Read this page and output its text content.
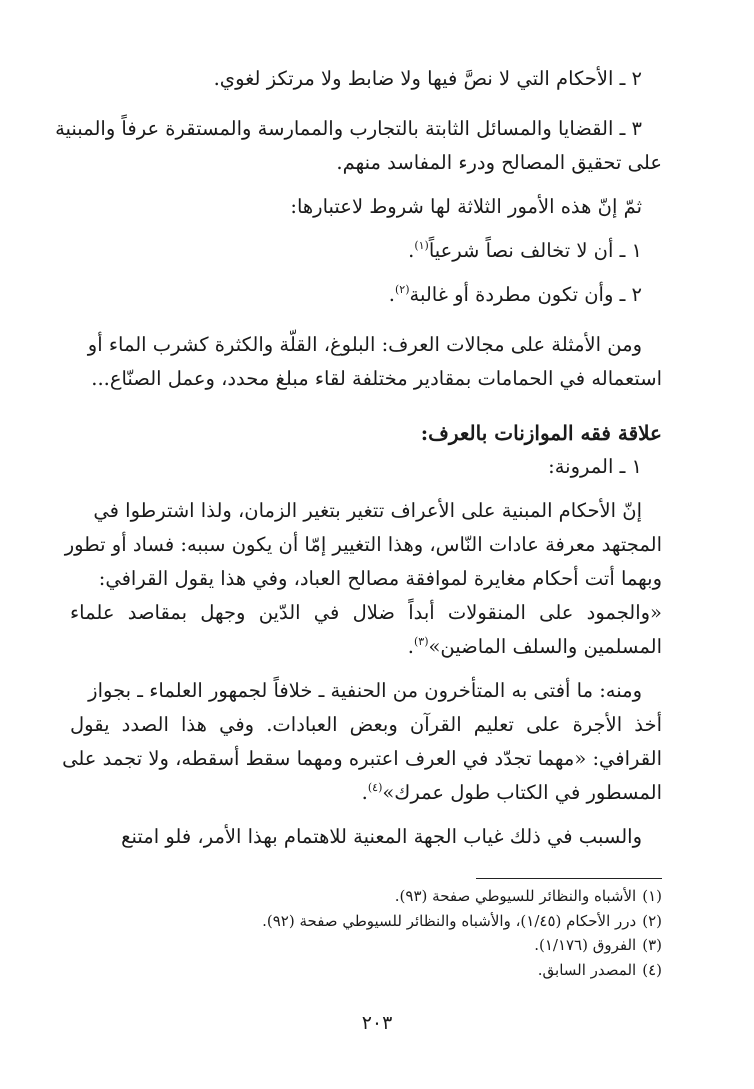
٢ ـ الأحكام التي لا نصَّ فيها ولا ضابط ولا مرتكز لغوي.

٣ ـ القضايا والمسائل الثابتة بالتجارب والممارسة والمستقرة عرفاً والمبنية

على تحقيق المصالح ودرء المفاسد منهم.

ثمّ إنّ هذه الأمور الثلاثة لها شروط لاعتبارها:

١ ـ أن لا تخالف نصاً شرعياً$^{(١)}$.

٢ ـ وأن تكون مطردة أو غالبة$^{(٢)}$.

ومن الأمثلة على مجالات العرف: البلوغ، القلّة والكثرة كشرب الماء أو

استعماله في الحمامات بمقادير مختلفة لقاء مبلغ محدد، وعمل الصنّاع...

علاقة فقه الموازنات بالعرف:

١ ـ المرونة:

إنّ الأحكام المبنية على الأعراف تتغير بتغير الزمان، ولذا اشترطوا في

المجتهد معرفة عادات النّاس، وهذا التغيير إمّا أن يكون سببه: فساد أو تطور

وبهما أتت أحكام مغايرة لموافقة مصالح العباد، وفي هذا يقول القرافي:

«والجمود على المنقولات أبداً ضلال في الدّين وجهل بمقاصد علماء

المسلمين والسلف الماضين»$^{(٣)}$.

ومنه: ما أفتى به المتأخرون من الحنفية ـ خلافاً لجمهور العلماء ـ بجواز

أخذ الأجرة على تعليم القرآن وبعض العبادات. وفي هذا الصدد يقول

القرافي: «مهما تجدّد في العرف اعتبره ومهما سقط أسقطه، ولا تجمد على

المسطور في الكتاب طول عمرك»$^{(٤)}$.

والسبب في ذلك غياب الجهة المعنية للاهتمام بهذا الأمر، فلو امتنع

(١)الأشباه والنظائر للسيوطي صفحة (٩٣).

(٢)درر الأحكام (١/٤٥)، والأشباه والنظائر للسيوطي صفحة (٩٢).

(٣)الفروق (١/١٧٦).

(٤)المصدر السابق.

٢٠٣
